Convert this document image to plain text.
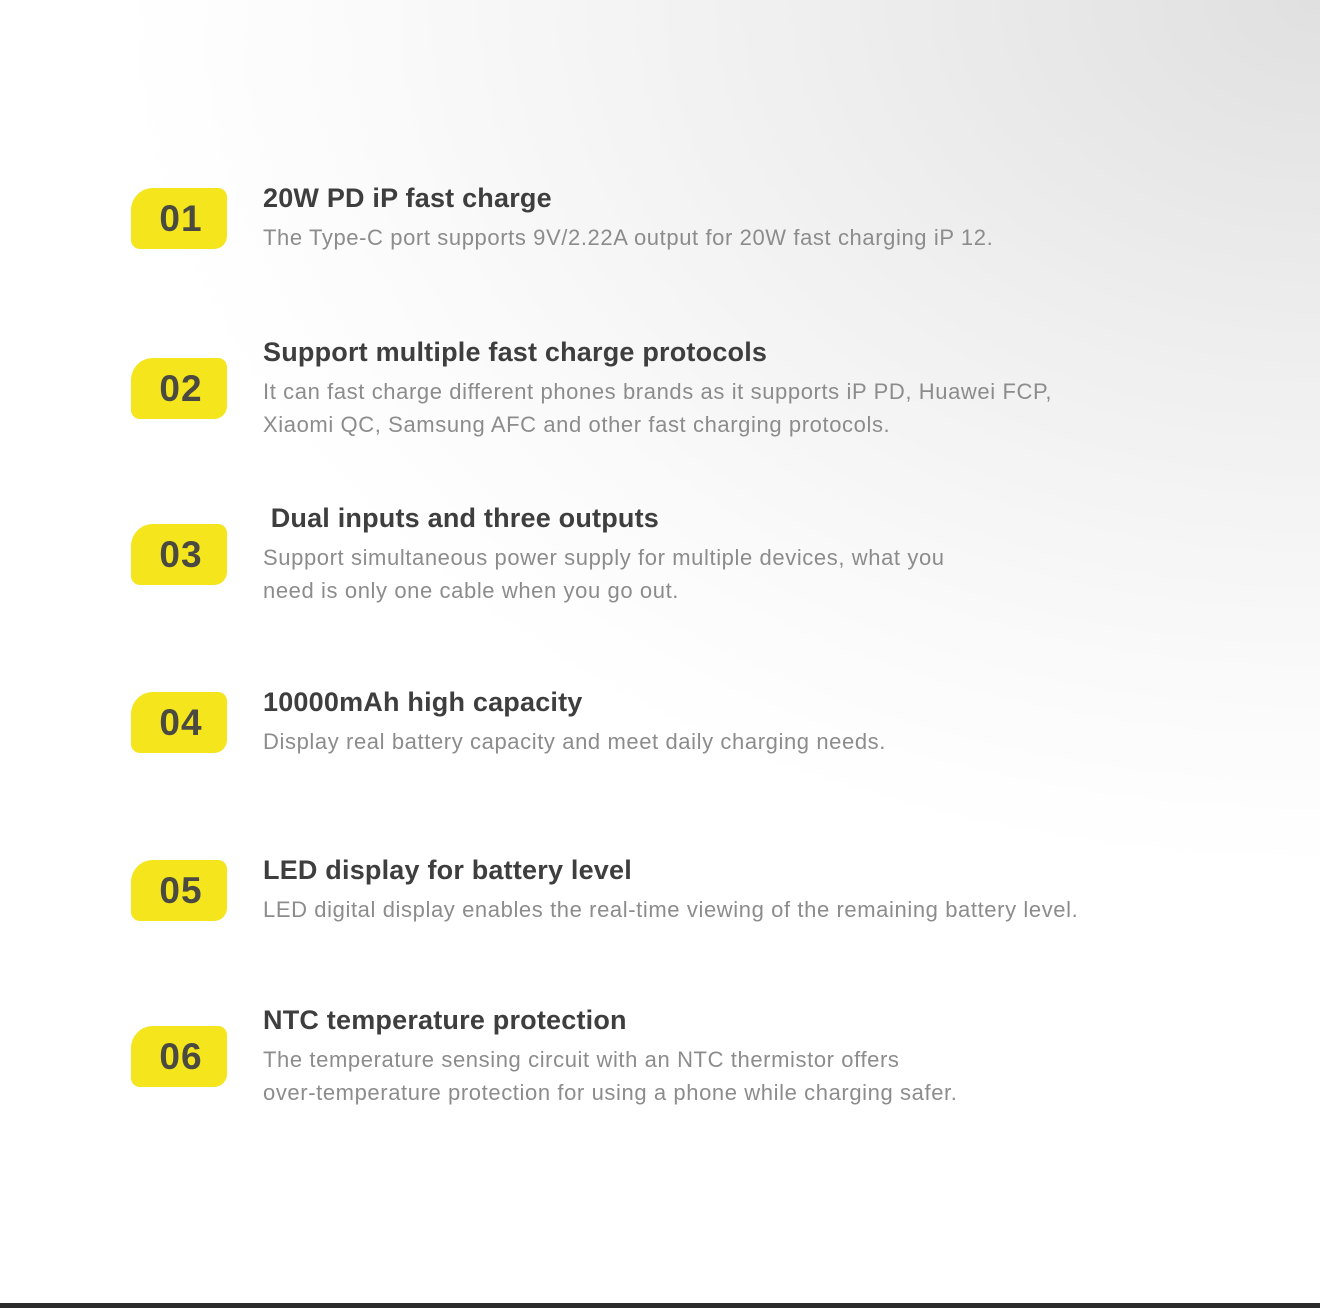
01 20W PD iP fast charge

The Type-C port supports 9V/2.22A output for 20W fast charging iP 12.

02
Support multiple fast charge protocols

It can fast charge different phones brands as it supports iP PD, Huawei FCP,
Xiaomi QC, Samsung AFC and other fast charging protocols.

03
Dual inputs and three outputs

Support simultaneous power supply for multiple devices, what you
need is only one cable when you go out.

04 10000mAh high capacity

Display real battery capacity and meet daily charging needs.

05 LED display for battery level

LED digital display enables the real-time viewing of the remaining battery level.

06
NTC temperature protection

The temperature sensing circuit with an NTC thermistor offers
over-temperature protection for using a phone while charging safer.
